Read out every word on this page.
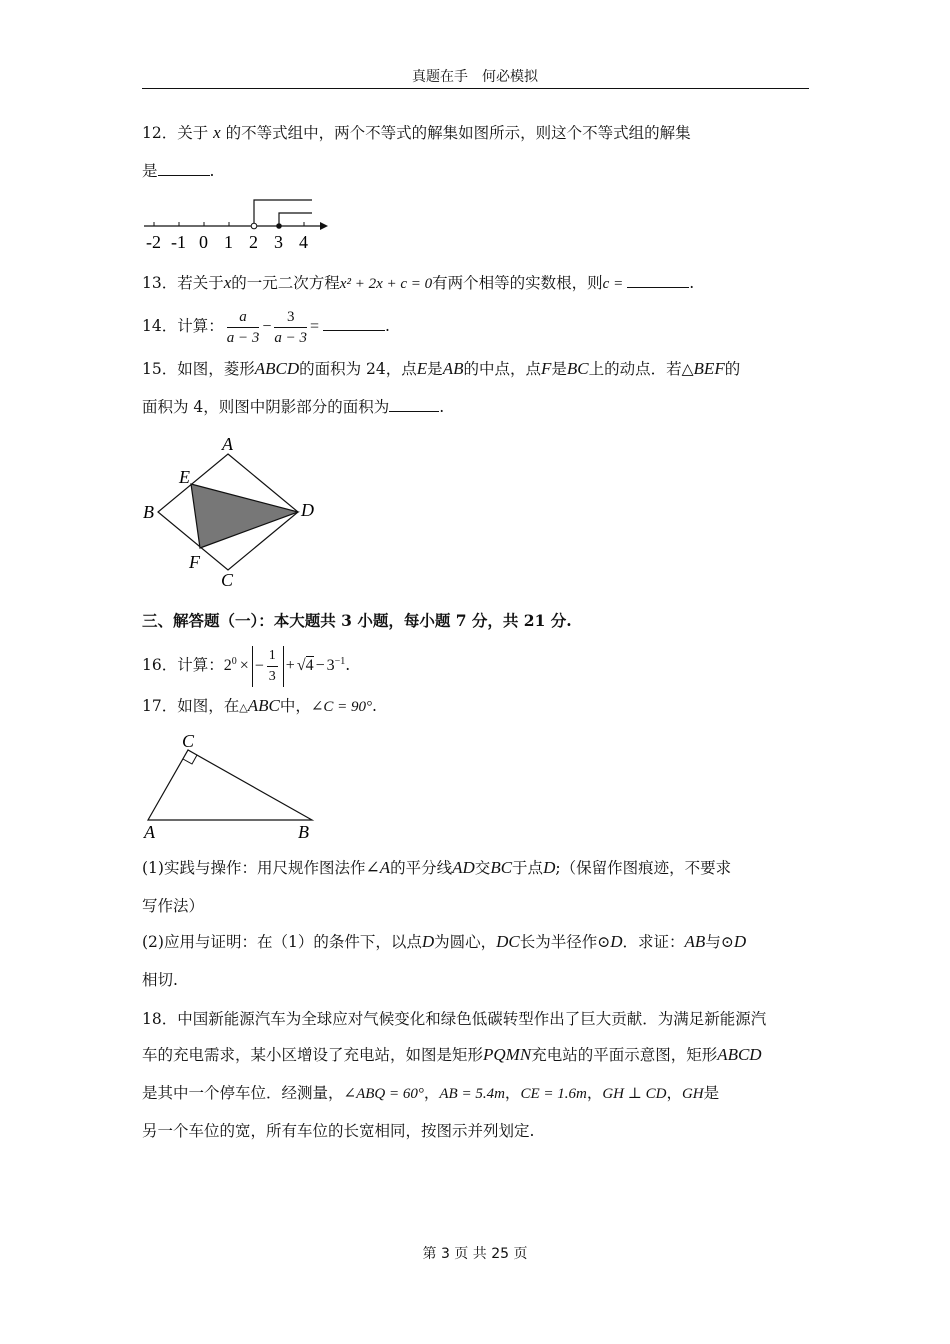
真题在手　何必模拟
12．关于 x 的不等式组中，两个不等式的解集如图所示，则这个不等式组的解集
是	.
-2 -1 0 1 2 3 4
13．若关于x的一元二次方程x² + 2x + c = 0有两个相等的实数根，则c =	.
14．计算： $\frac{a}{a - 3} - \frac{3}{a - 3}$ =	.
15．如图，菱形ABCD的面积为 24，点E是AB的中点，点F是BC上的动点．若△BEF的
面积为 4，则图中阴影部分的面积为	.
A
B
C
D
E
F
三、解答题（一）：本大题共 3 小题，每小题 7 分，共 21 分.
16．计算：$2^0$ × − $\frac{1}{3} + √4 - 3^{-1}$.
17．如图，在△ABC中，∠C = 90°.
C
A	B
(1)实践与操作：用尺规作图法作∠A的平分线AD交BC于点D;（保留作图痕迹，不要求
写作法）
(2)应用与证明：在（1）的条件下，以点D为圆心，DC长为半径作⊙D．求证：AB与⊙D
相切.
18．中国新能源汽车为全球应对气候变化和绿色低碳转型作出了巨大贡献．为满足新能源汽
车的充电需求，某小区增设了充电站，如图是矩形PQMN充电站的平面示意图，矩形ABCD
是其中一个停车位．经测量，∠ABQ = 60°，AB = 5.4m，CE = 1.6m，GH ⊥ CD，GH是
另一个车位的宽，所有车位的长宽相同，按图示并列划定.
第 3 页 共 25 页
